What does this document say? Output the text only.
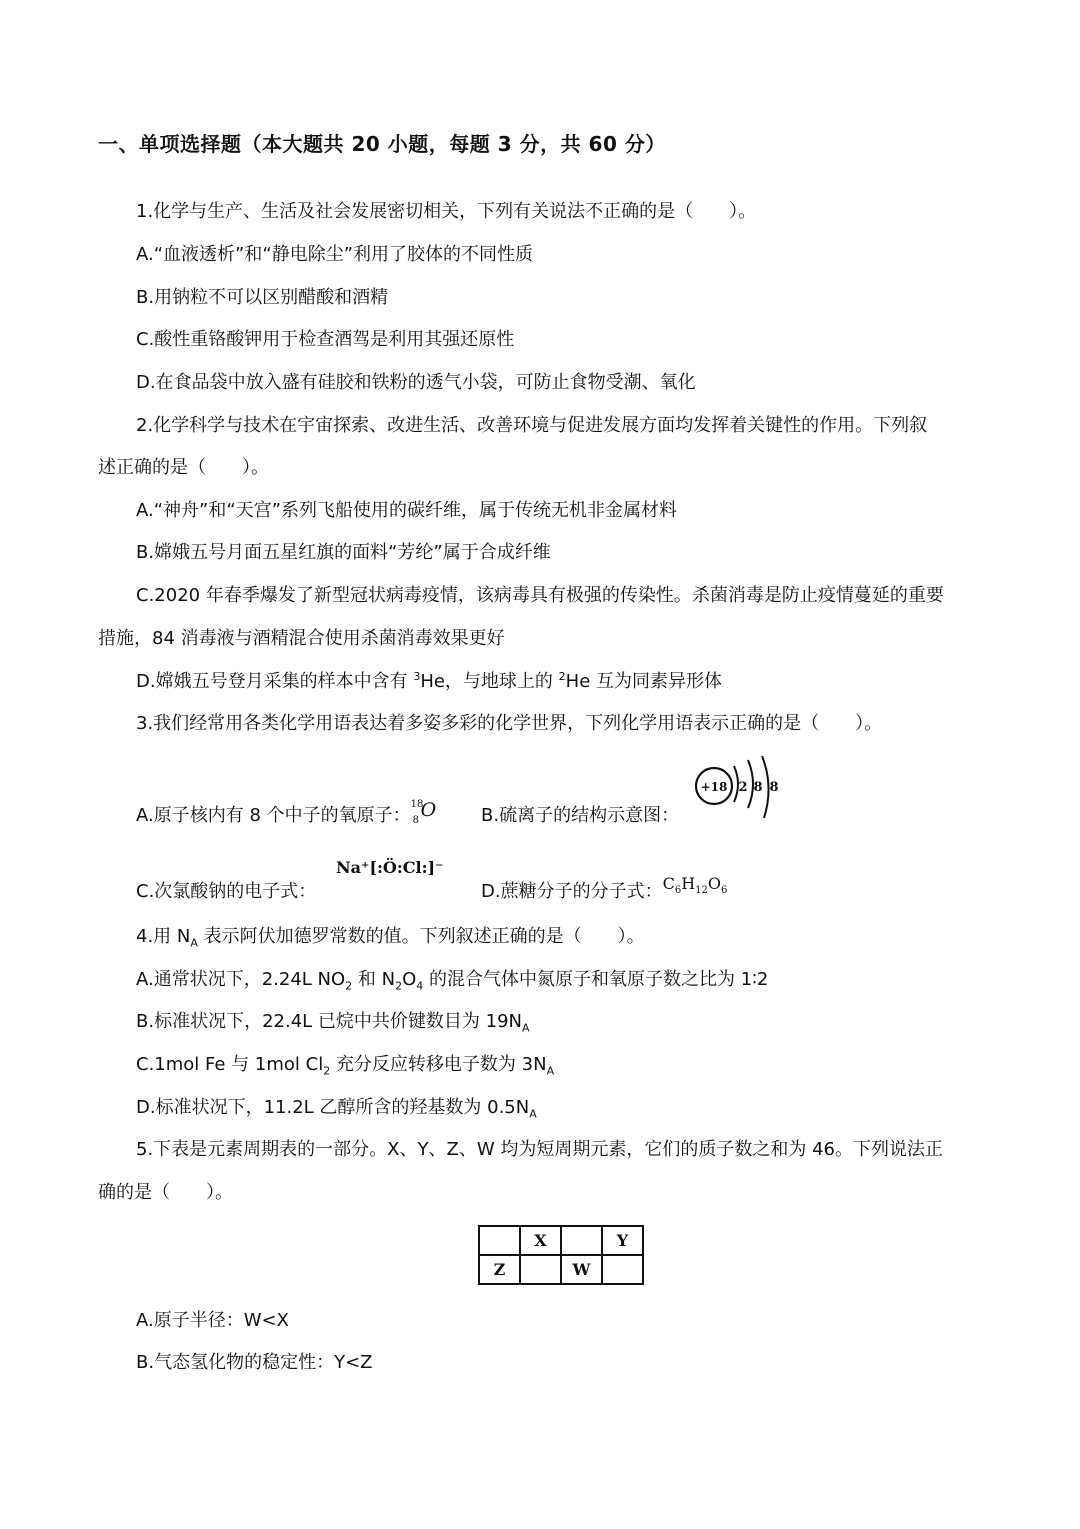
一、单项选择题（本大题共 20 小题，每题 3 分，共 60 分）
1.化学与生产、生活及社会发展密切相关，下列有关说法不正确的是（　　）。
A.“血液透析”和“静电除尘”利用了胶体的不同性质
B.用钠粒不可以区别醋酸和酒精
C.酸性重铬酸钾用于检查酒驾是利用其强还原性
D.在食品袋中放入盛有硅胶和铁粉的透气小袋，可防止食物受潮、氧化
2.化学科学与技术在宇宙探索、改进生活、改善环境与促进发展方面均发挥着关键性的作用。下列叙
述正确的是（　　）。
A.“神舟”和“天宫”系列飞船使用的碳纤维，属于传统无机非金属材料
B.嫦娥五号月面五星红旗的面料“芳纶”属于合成纤维
C.2020 年春季爆发了新型冠状病毒疫情，该病毒具有极强的传染性。杀菌消毒是防止疫情蔓延的重要
措施，84 消毒液与酒精混合使用杀菌消毒效果更好
D.嫦娥五号登月采集的样本中含有 $^3$He，与地球上的 $^2$He 互为同素异形体
3.我们经常用各类化学用语表达着多姿多彩的化学世界，下列化学用语表示正确的是（　　）。
A.原子核内有 8 个中子的氧原子：
18
8 O B.硫离子的结构示意图：
+18 2 8 8
C.次氯酸钠的电子式：
Na⁺[:Ö:Cl:]⁻
D.蔗糖分子的分子式：$C_6H_{12}O_6$
4.用 $N_A$ 表示阿伏加德罗常数的值。下列叙述正确的是（　　）。
A.通常状况下，2.24L $NO_2$ 和 $N_2O_4$ 的混合气体中氮原子和氧原子数之比为 1∶2
B.标准状况下，22.4L 已烷中共价键数目为 $19N_A$
C.1mol Fe 与 1mol $Cl_2$ 充分反应转移电子数为 $3N_A$
D.标准状况下，11.2L 乙醇所含的羟基数为 $0.5N_A$
5.下表是元素周期表的一部分。X、Y、Z、W 均为短周期元素，它们的质子数之和为 46。下列说法正
确的是（　　）。
	X		Y
Z		W	
A.原子半径：W<X
B.气态氢化物的稳定性：Y<Z
